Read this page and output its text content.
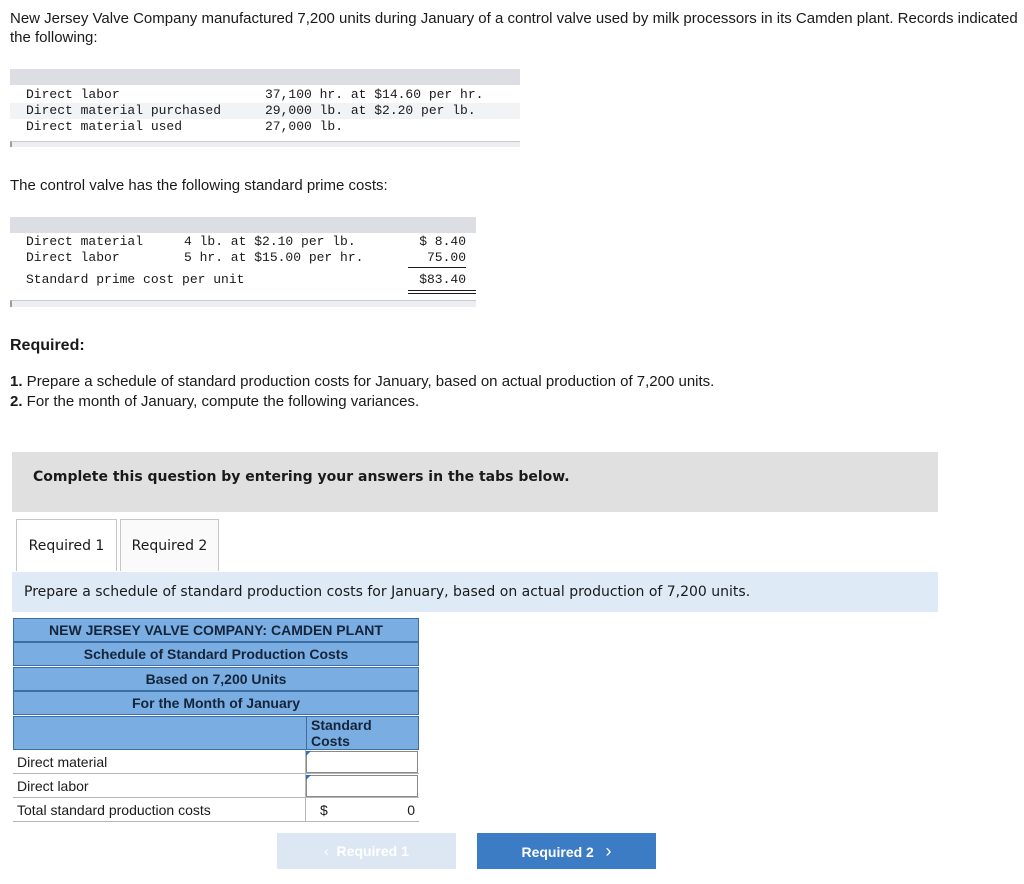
New Jersey Valve Company manufactured 7,200 units during January of a control valve used by milk processors in its Camden plant. Records indicated the following:
Direct labor	37,100 hr. at $14.60 per hr.
Direct material purchased	29,000 lb. at $2.20 per lb.
Direct material used	27,000 lb.
The control valve has the following standard prime costs:
Direct material	4 lb. at $2.10 per lb.	$ 8.40
Direct labor	5 hr. at $15.00 per hr.	75.00
Standard prime cost per unit	$83.40
Required:
1. Prepare a schedule of standard production costs for January, based on actual production of 7,200 units.
2. For the month of January, compute the following variances.
Complete this question by entering your answers in the tabs below.
Required 1	Required 2
Prepare a schedule of standard production costs for January, based on actual production of 7,200 units.
NEW JERSEY VALVE COMPANY: CAMDEN PLANT
Schedule of Standard Production Costs
Based on 7,200 Units
For the Month of January
Standard
Costs
Direct material
Direct labor
Total standard production costs	0
$
‹ Required 1	Required 2 ›
